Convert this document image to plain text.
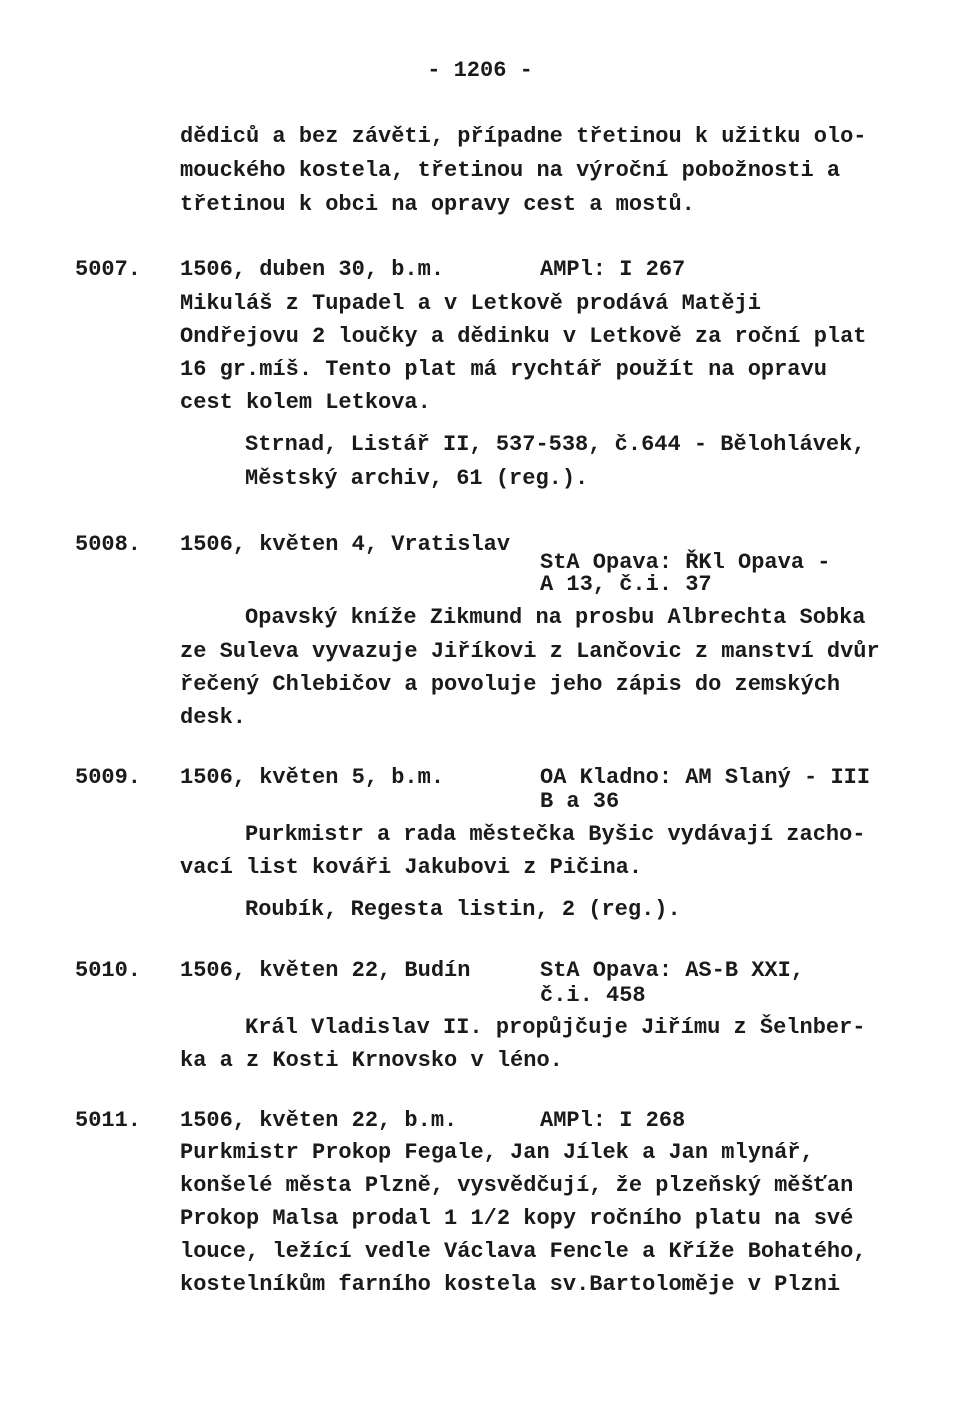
- 1206 -
dědiců a bez závěti, případne třetinou k užitku olo-
mouckého kostela, třetinou na výroční pobožnosti a
třetinou k obci na opravy cest a mostů.
5007. 1506, duben 30, b.m.	AMPl: I 267
Mikuláš z Tupadel a v Letkově prodává Matěji
Ondřejovu 2 loučky a dědinku v Letkově za roční plat
16 gr.míš. Tento plat má rychtář použít na opravu
cest kolem Letkova.
Strnad, Listář II, 537-538, č.644 - Bělohlávek,
Městský archiv, 61 (reg.).
5008. 1506, květen 4, Vratislav
StA Opava: ŘKl Opava -
A 13, č.i. 37
Opavský kníže Zikmund na prosbu Albrechta Sobka
ze Suleva vyvazuje Jiříkovi z Lančovic z manství dvůr
řečený Chlebičov a povoluje jeho zápis do zemských
desk.
5009. 1506, květen 5, b.m.	OA Kladno: AM Slaný - III
B a 36
Purkmistr a rada městečka Byšic vydávají zacho-
vací list kováři Jakubovi z Pičina.
Roubík, Regesta listin, 2 (reg.).
5010. 1506, květen 22, Budín	StA Opava: AS-B XXI,
č.i. 458
Král Vladislav II. propůjčuje Jiřímu z Šelnber-
ka a z Kosti Krnovsko v léno.
5011. 1506, květen 22, b.m.	AMPl: I 268
Purkmistr Prokop Fegale, Jan Jílek a Jan mlynář,
konšelé města Plzně, vysvědčují, že plzeňský měšťan
Prokop Malsa prodal 1 1/2 kopy ročního platu na své
louce, ležící vedle Václava Fencle a Kříže Bohatého,
kostelníkům farního kostela sv.Bartoloměje v Plzni
